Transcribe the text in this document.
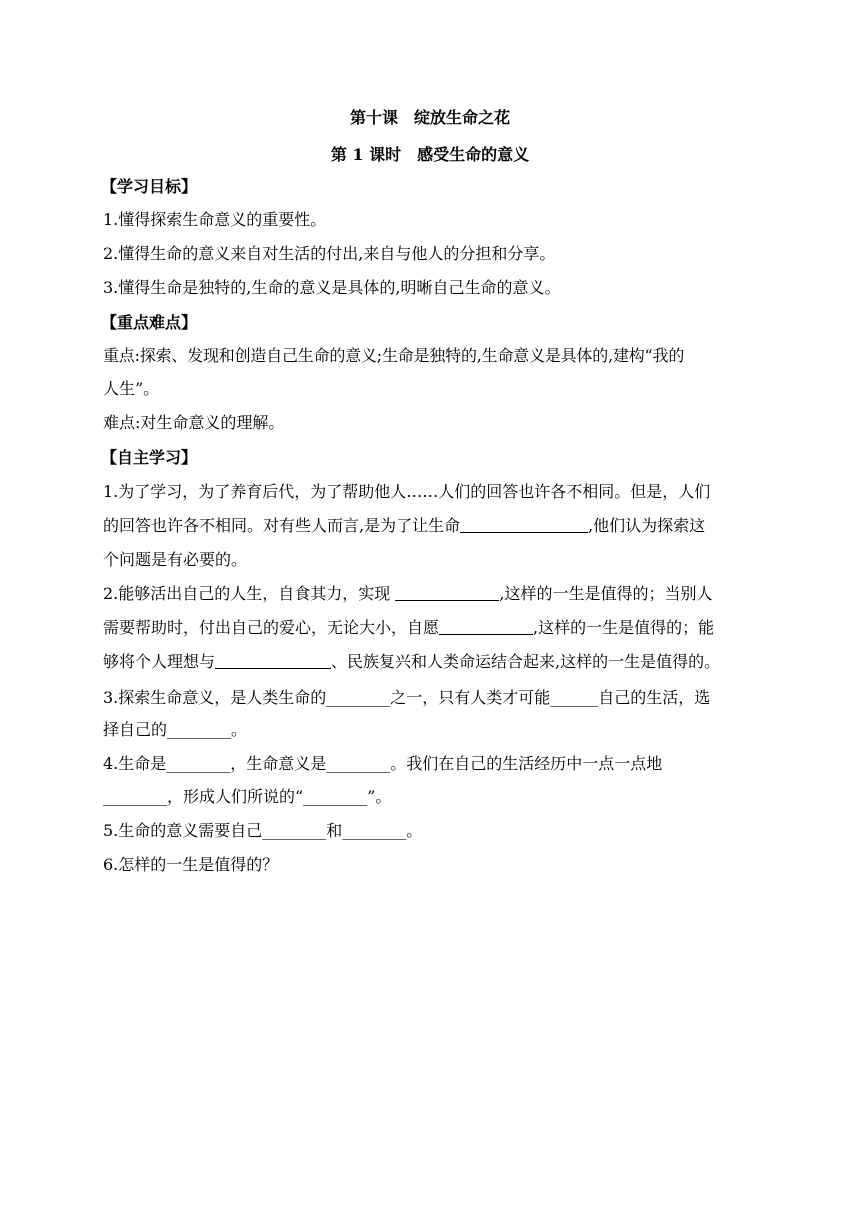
第十课　绽放生命之花
第 1 课时　感受生命的意义
【学习目标】
1.懂得探索生命意义的重要性。
2.懂得生命的意义来自对生活的付出,来自与他人的分担和分享。
3.懂得生命是独特的,生命的意义是具体的,明晰自己生命的意义。
【重点难点】
重点:探索、发现和创造自己生命的意义;生命是独特的,生命意义是具体的,建构“我的
人生”。
难点:对生命意义的理解。
【自主学习】
1.为了学习，为了养育后代，为了帮助他人……人们的回答也许各不相同。但是，人们
的回答也许各不相同。对有些人而言,是为了让生命	,他们认为探索这
个问题是有必要的。
2.能够活出自己的人生，自食其力，实现	,这样的一生是值得的；当别人
需要帮助时，付出自己的爱心，无论大小，自愿	,这样的一生是值得的；能
够将个人理想与	、民族复兴和人类命运结合起来,这样的一生是值得的。
3.探索生命意义，是人类生命的________之一，只有人类才可能______自己的生活，选
择自己的________。
4.生命是________，生命意义是________。我们在自己的生活经历中一点一点地
________，形成人们所说的“________”。
5.生命的意义需要自己________和________。
6.怎样的一生是值得的？
